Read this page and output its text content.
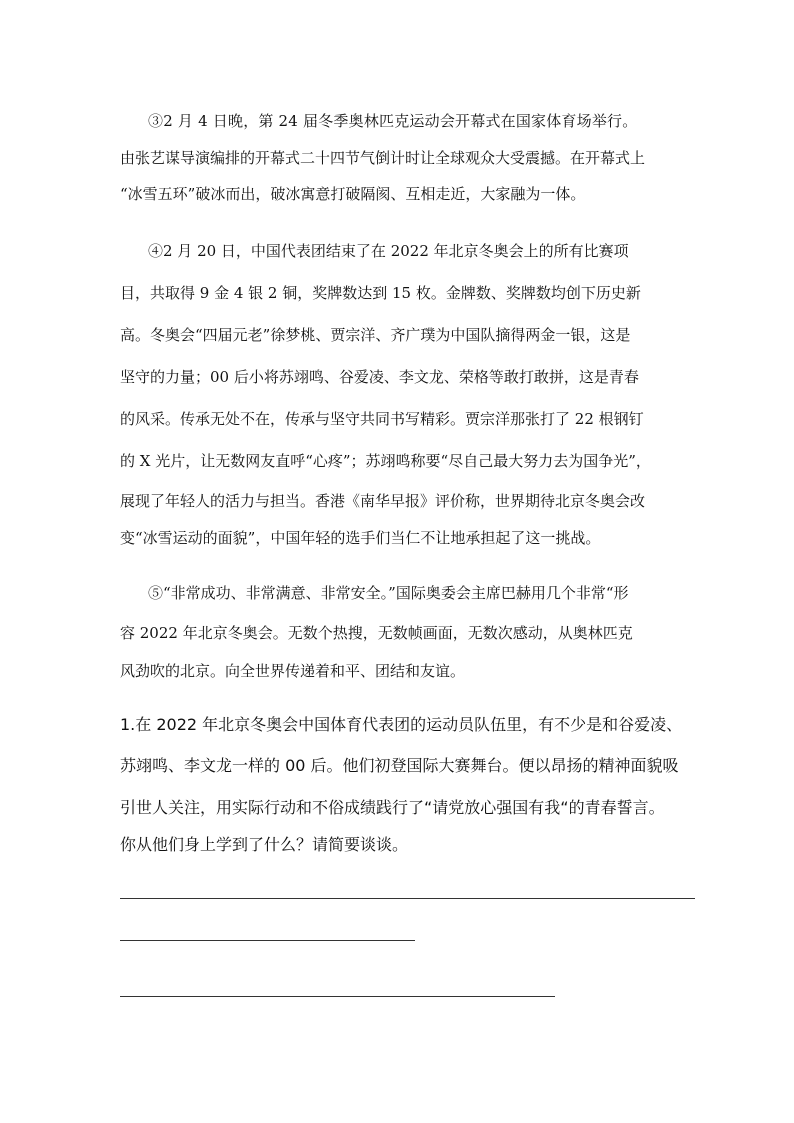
③2 月 4 日晚，第 24 届冬季奥林匹克运动会开幕式在国家体育场举行。
由张艺谋导演编排的开幕式二十四节气倒计时让全球观众大受震撼。在开幕式上
“冰雪五环”破冰而出，破冰寓意打破隔阂、互相走近，大家融为一体。
④2 月 20 日，中国代表团结束了在 2022 年北京冬奥会上的所有比赛项
目，共取得 9 金 4 银 2 铜，奖牌数达到 15 枚。金牌数、奖牌数均创下历史新
高。冬奥会“四届元老”徐梦桃、贾宗洋、齐广璞为中国队摘得两金一银，这是
坚守的力量；00 后小将苏翊鸣、谷爱凌、李文龙、荣格等敢打敢拼，这是青春
的风采。传承无处不在，传承与坚守共同书写精彩。贾宗洋那张打了 22 根钢钉
的 X 光片，让无数网友直呼“心疼”；苏翊鸣称要“尽自己最大努力去为国争光”，
展现了年轻人的活力与担当。香港《南华早报》评价称，世界期待北京冬奥会改
变“冰雪运动的面貌”，中国年轻的选手们当仁不让地承担起了这一挑战。
⑤“非常成功、非常满意、非常安全。”国际奥委会主席巴赫用几个非常“形
容 2022 年北京冬奥会。无数个热搜，无数帧画面，无数次感动，从奥林匹克
风劲吹的北京。向全世界传递着和平、团结和友谊。
1.在 2022 年北京冬奥会中国体育代表团的运动员队伍里，有不少是和谷爱凌、
苏翊鸣、李文龙一样的 00 后。他们初登国际大赛舞台。便以昂扬的精神面貌吸
引世人关注，用实际行动和不俗成绩践行了“请党放心强国有我“的青春誓言。
你从他们身上学到了什么？请简要谈谈。
